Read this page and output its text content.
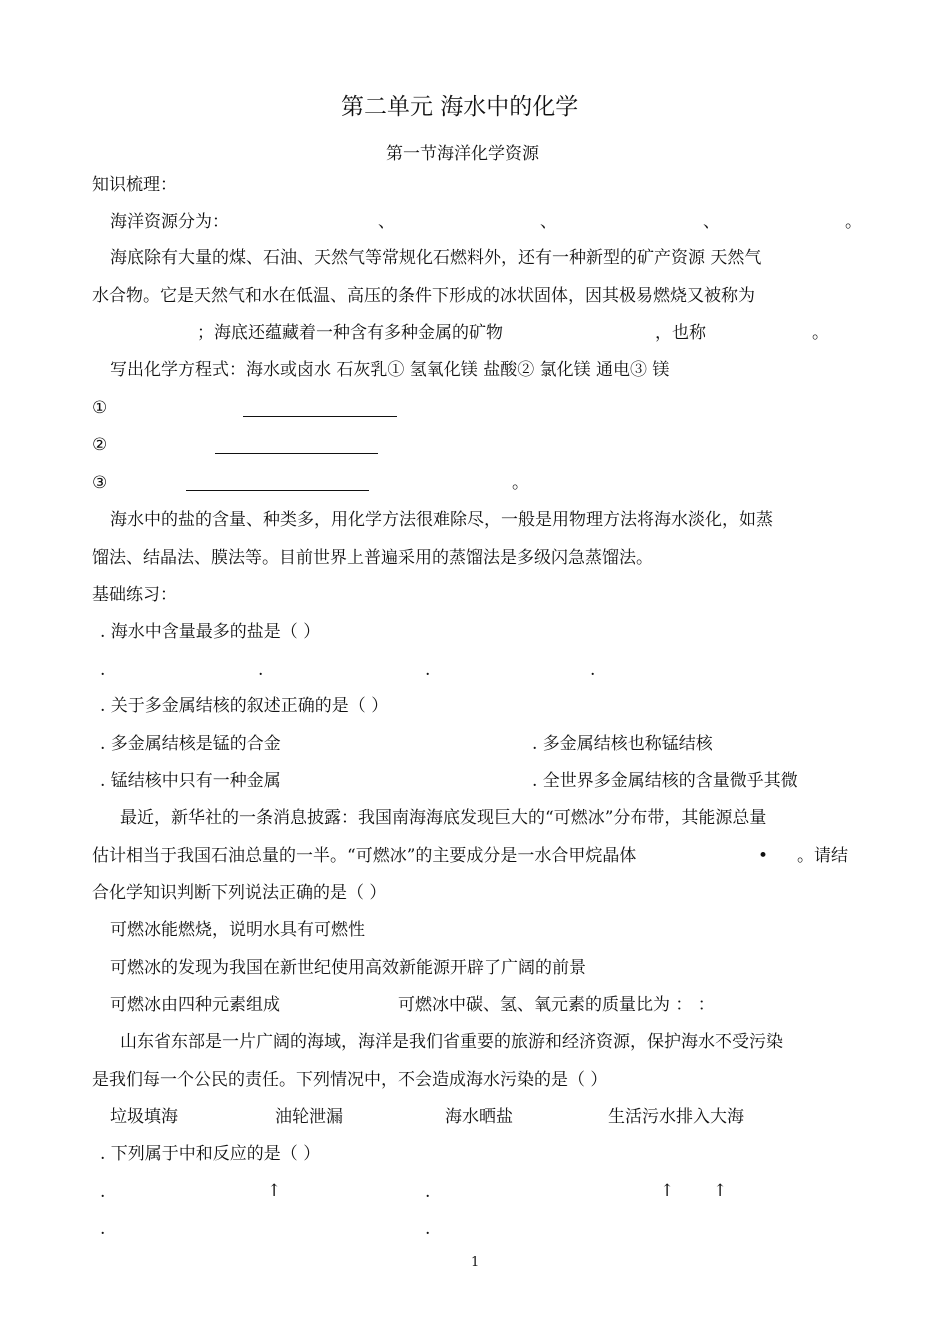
第二单元 海水中的化学
第一节海洋化学资源
知识梳理：
海洋资源分为：	、	、	、	。
海底除有大量的煤、石油、天然气等常规化石燃料外，还有一种新型的矿产资源 天然气
水合物。它是天然气和水在低温、高压的条件下形成的冰状固体，因其极易燃烧又被称为
；海底还蕴藏着一种含有多种金属的矿物	，也称	。
写出化学方程式：海水或卤水 石灰乳① 氢氧化镁 盐酸② 氯化镁 通电③ 镁
①
②
③	。
海水中的盐的含量、种类多，用化学方法很难除尽，一般是用物理方法将海水淡化，如蒸
馏法、结晶法、膜法等。目前世界上普遍采用的蒸馏法是多级闪急蒸馏法。
基础练习：
. 海水中含量最多的盐是（ ）
.	.	.	.
. 关于多金属结核的叙述正确的是（ ）
. 多金属结核是锰的合金	. 多金属结核也称锰结核
. 锰结核中只有一种金属	. 全世界多金属结核的含量微乎其微
最近，新华社的一条消息披露：我国南海海底发现巨大的“可燃冰”分布带，其能源总量
估计相当于我国石油总量的一半。“可燃冰”的主要成分是一水合甲烷晶体	• 。请结
合化学知识判断下列说法正确的是（ ）
可燃冰能燃烧，说明水具有可燃性
可燃冰的发现为我国在新世纪使用高效新能源开辟了广阔的前景
可燃冰由四种元素组成	可燃冰中碳、氢、氧元素的质量比为 ： ：
山东省东部是一片广阔的海域，海洋是我们省重要的旅游和经济资源，保护海水不受污染
是我们每一个公民的责任。下列情况中，不会造成海水污染的是（ ）
垃圾填海	油轮泄漏	海水晒盐	生活污水排入大海
. 下列属于中和反应的是（ ）
.	↑	.	↑ ↑
.	.
1
